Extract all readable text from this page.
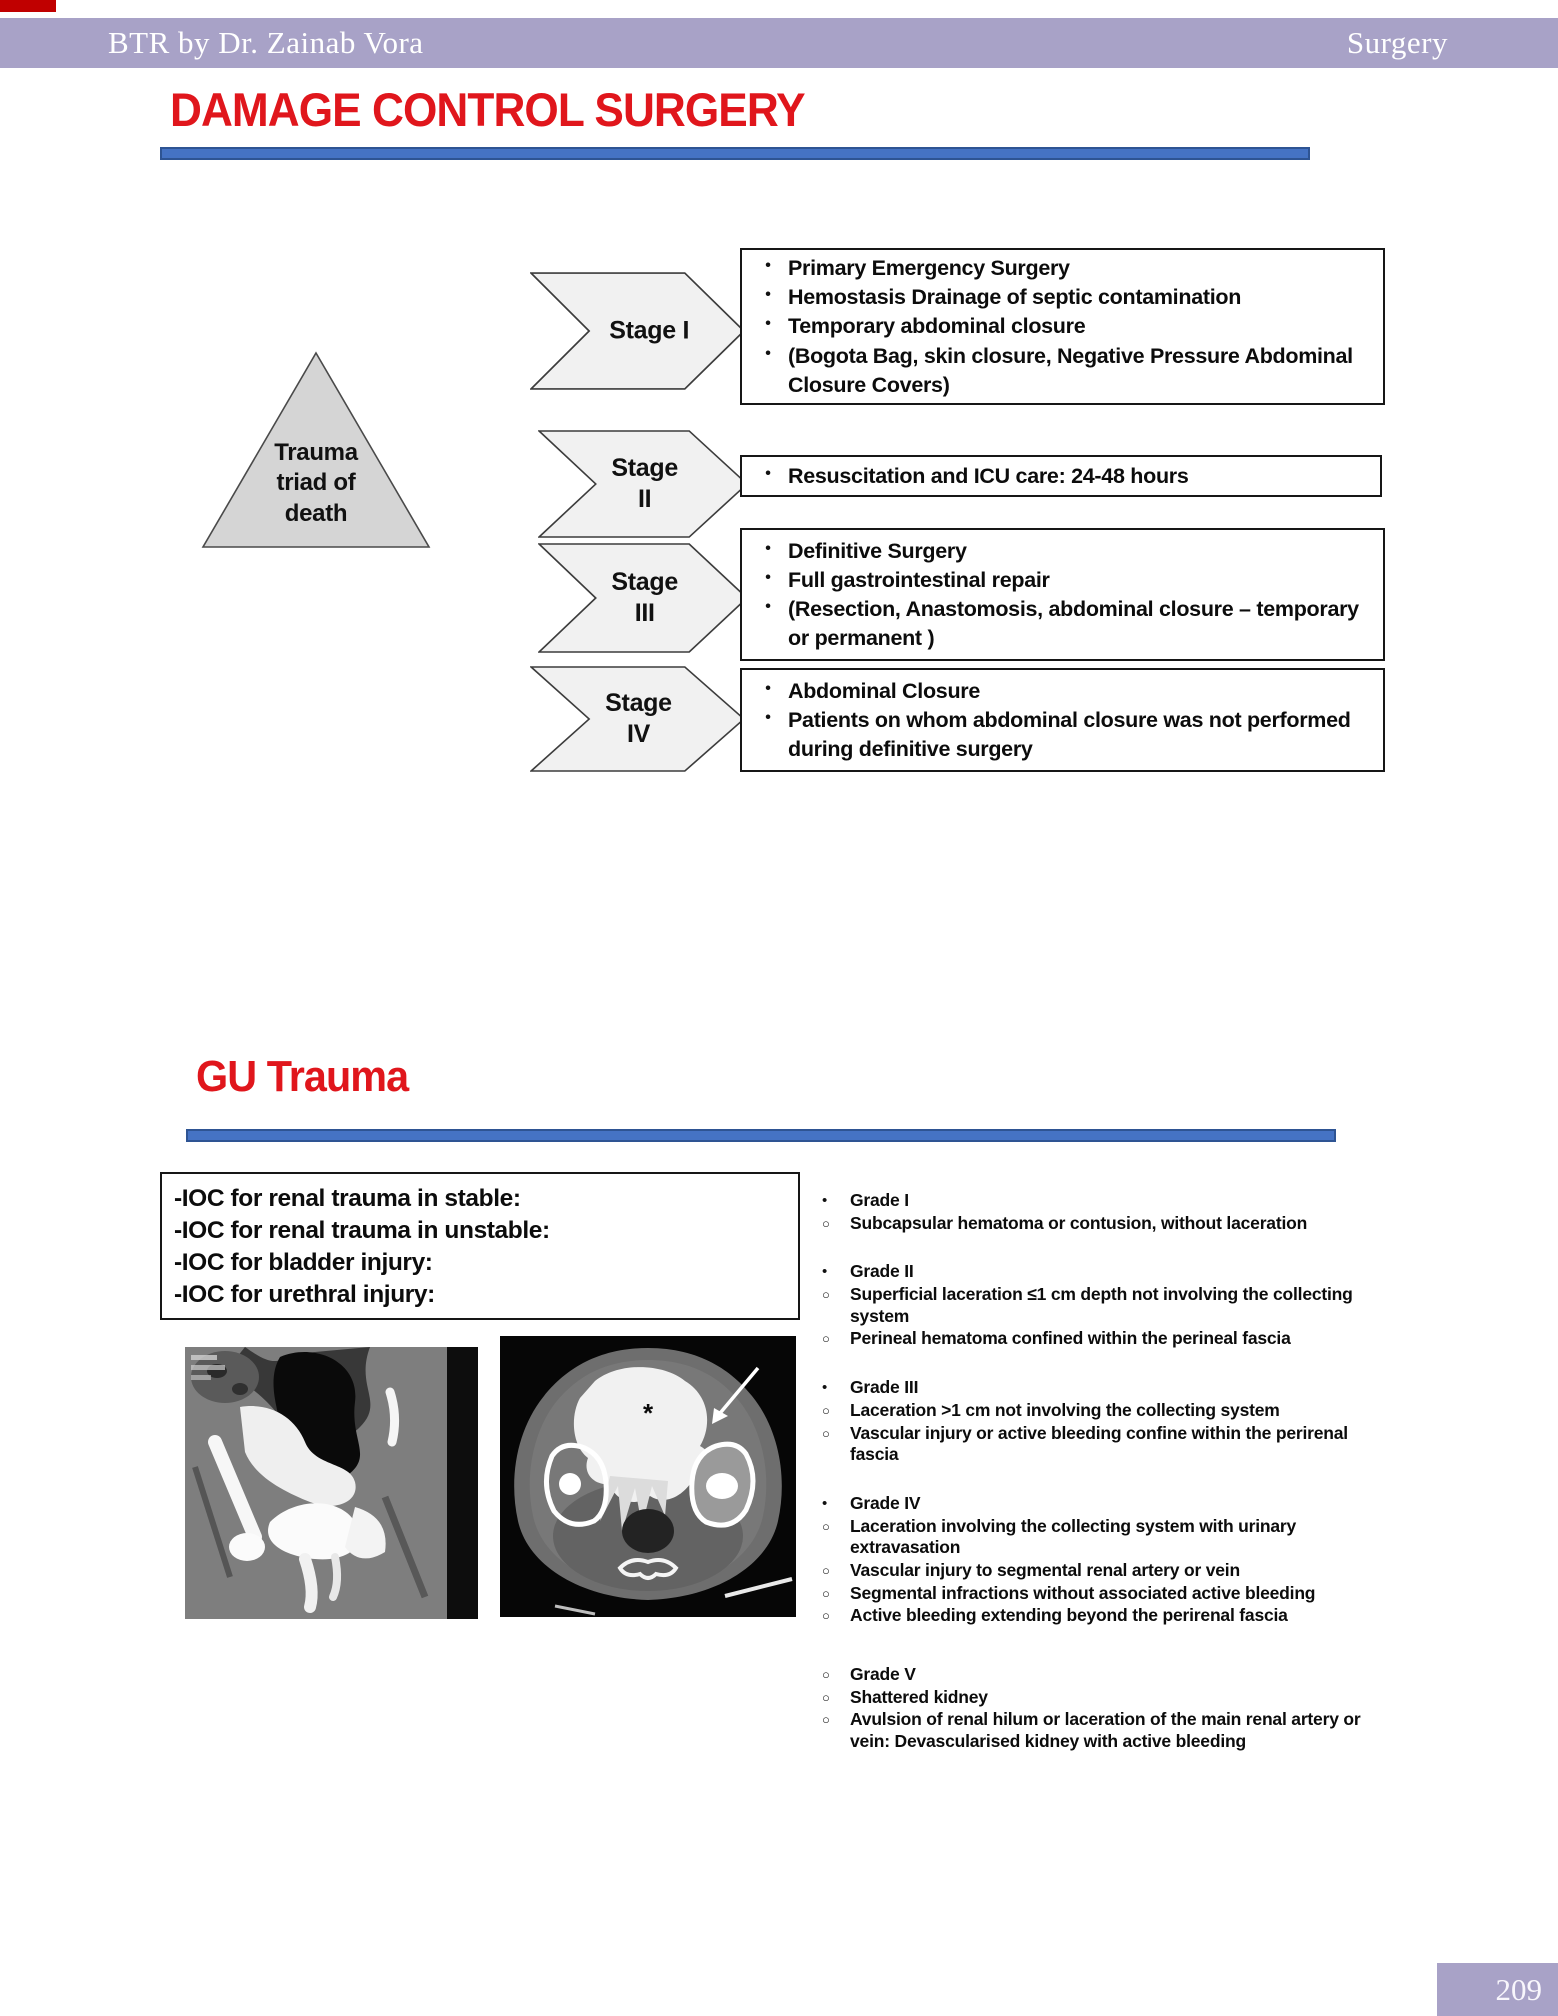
BTR by Dr. Zainab Vora	Surgery
DAMAGE CONTROL SURGERY
Trauma triad of death
Stage I
• Primary Emergency Surgery
• Hemostasis Drainage of septic contamination
• Temporary abdominal closure
• (Bogota Bag, skin closure, Negative Pressure Abdominal Closure Covers)
Stage II
• Resuscitation and ICU care: 24-48 hours
Stage III
• Definitive Surgery
• Full gastrointestinal repair
• (Resection, Anastomosis, abdominal closure – temporary or permanent )
Stage IV
• Abdominal Closure
• Patients on whom abdominal closure was not performed during definitive surgery
GU Trauma
-IOC for renal trauma in stable:
-IOC for renal trauma in unstable:
-IOC for bladder injury:
-IOC for urethral injury:
*
•	Grade I
○	Subcapsular hematoma or contusion, without laceration
•	Grade II
○	Superficial laceration ≤1 cm depth not involving the collecting system
○	Perineal hematoma confined within the perineal fascia
•	Grade III
○	Laceration >1 cm not involving the collecting system
○	Vascular injury or active bleeding confine within the perirenal fascia
•	Grade IV
○	Laceration involving the collecting system with urinary extravasation
○	Vascular injury to segmental renal artery or vein
○	Segmental infractions without associated active bleeding
○	Active bleeding extending beyond the perirenal fascia
○	Grade V
○	Shattered kidney
○	Avulsion of renal hilum or laceration of the main renal artery or vein: Devascularised kidney with active bleeding
209
